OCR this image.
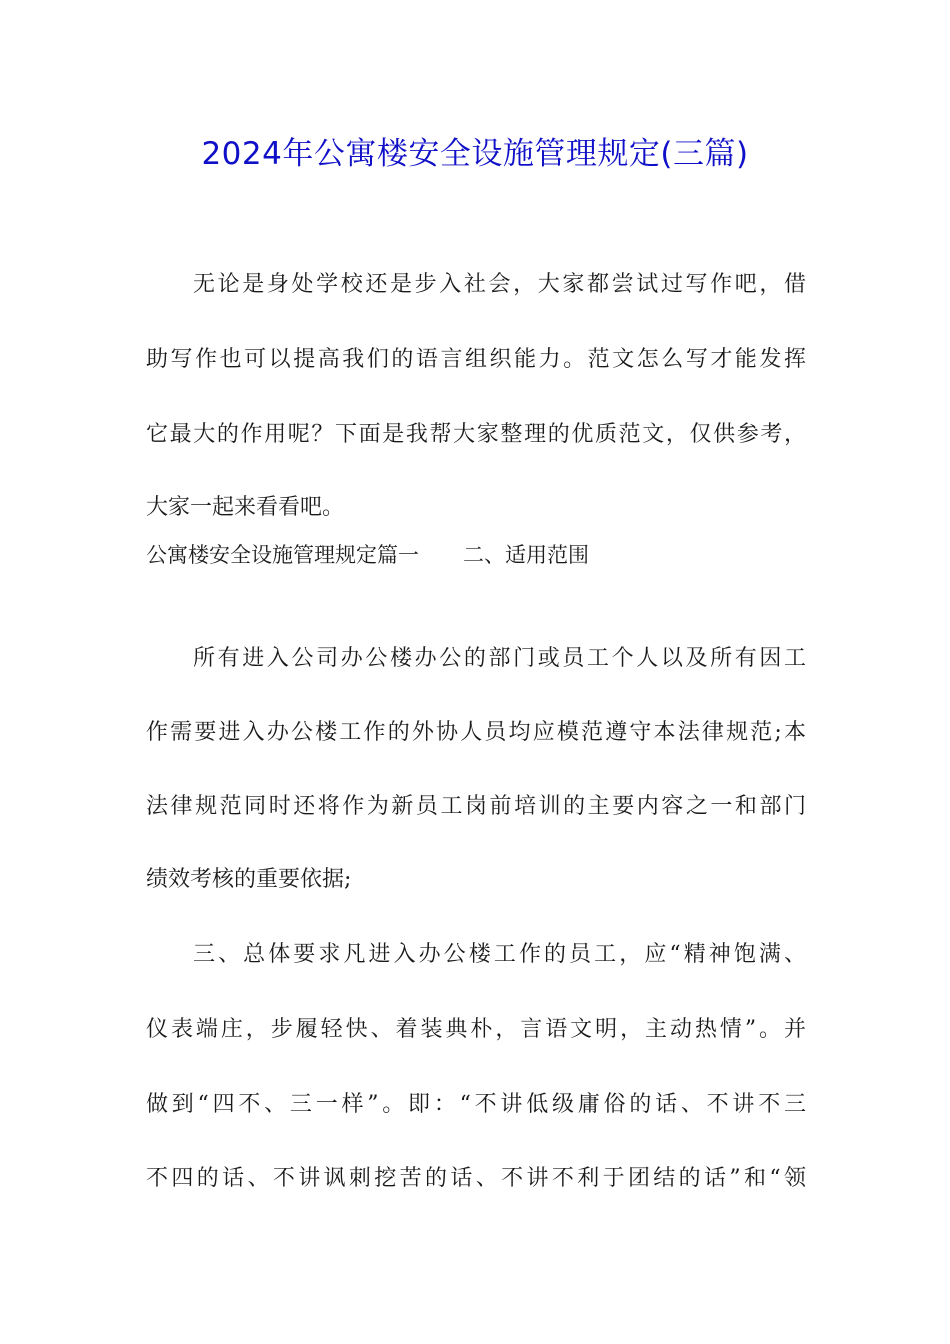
2024年公寓楼安全设施管理规定(三篇)
无论是身处学校还是步入社会，大家都尝试过写作吧，借
助写作也可以提高我们的语言组织能力。范文怎么写才能发挥
它最大的作用呢？下面是我帮大家整理的优质范文，仅供参考，
大家一起来看看吧。
公寓楼安全设施管理规定篇一 二、适用范围
所有进入公司办公楼办公的部门或员工个人以及所有因工
作需要进入办公楼工作的外协人员均应模范遵守本法律规范;本
法律规范同时还将作为新员工岗前培训的主要内容之一和部门
绩效考核的重要依据;
三、总体要求凡进入办公楼工作的员工，应“精神饱满、
仪表端庄，步履轻快、着装典朴，言语文明，主动热情”。并
做到“四不、三一样”。即：“不讲低级庸俗的话、不讲不三
不四的话、不讲讽刺挖苦的话、不讲不利于团结的话”和“领
